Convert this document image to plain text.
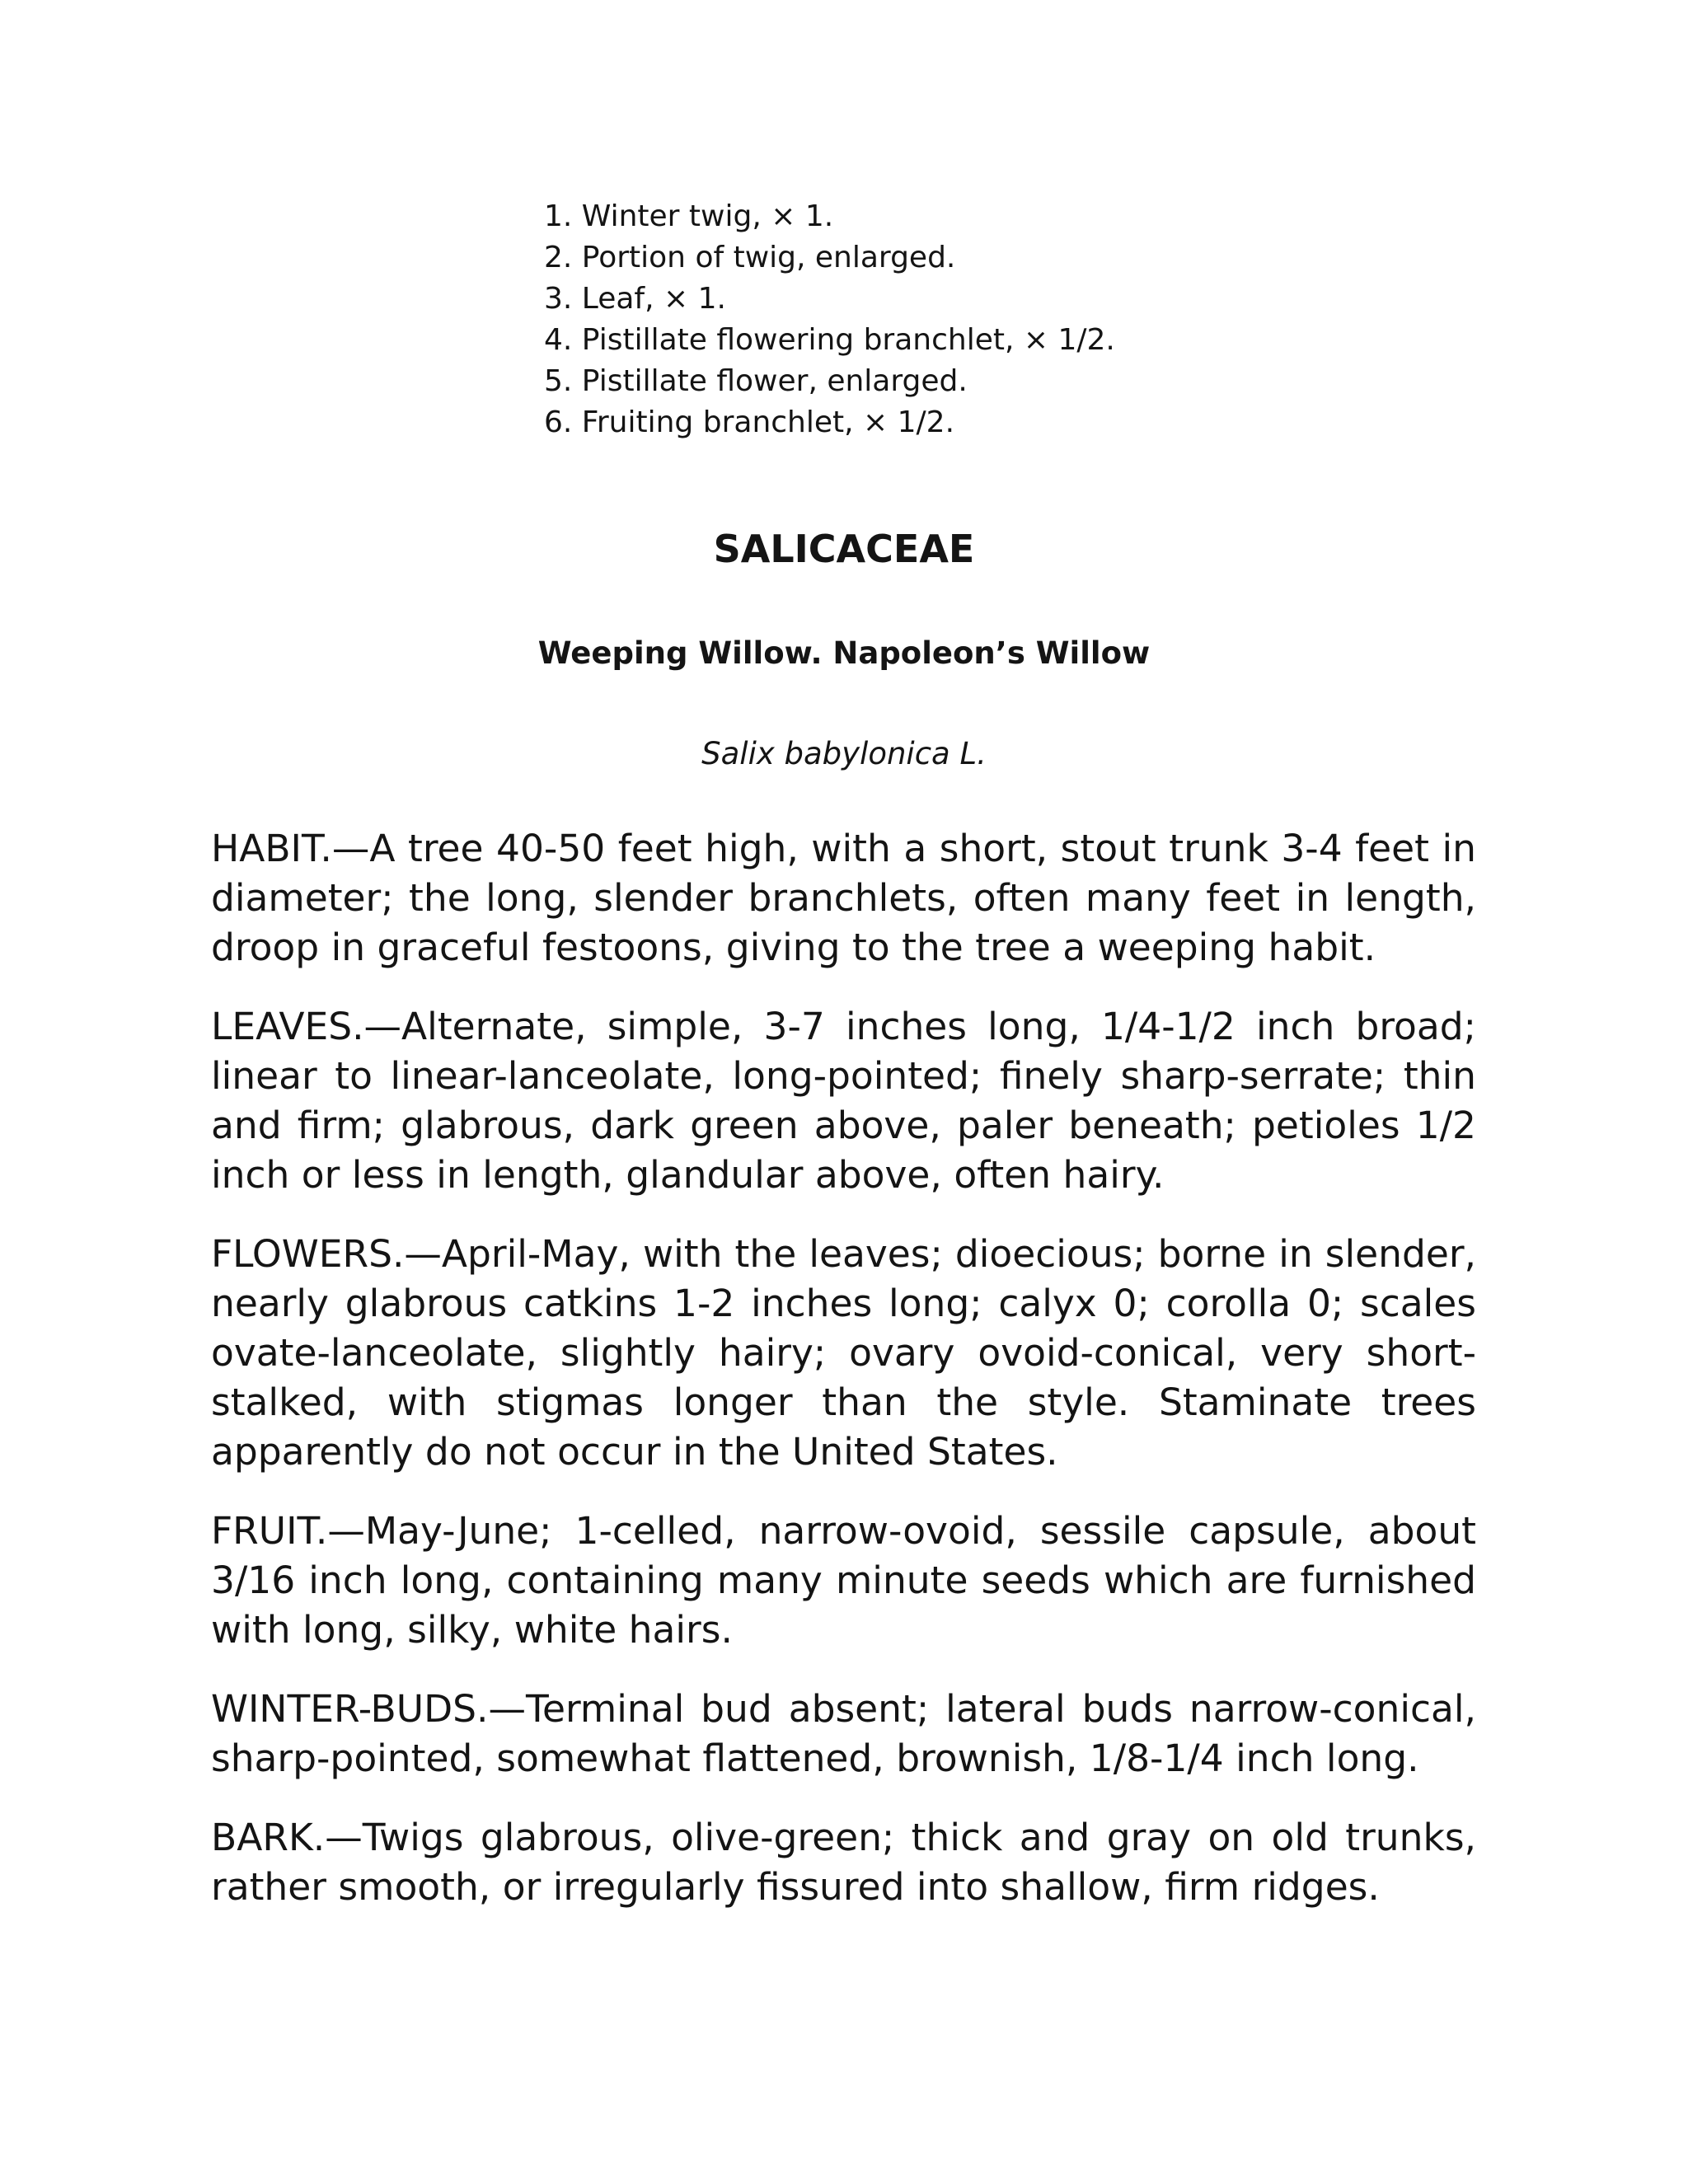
1. Winter twig, × 1.
2. Portion of twig, enlarged.
3. Leaf, × 1.
4. Pistillate flowering branchlet, × 1/2.
5. Pistillate flower, enlarged.
6. Fruiting branchlet, × 1/2.
SALICACEAE
Weeping Willow. Napoleon’s Willow

Salix babylonica L.

HABIT.—A tree 40-50 feet high, with a short, stout trunk 3-4 feet in diameter; the long, slender branchlets, often many feet in length, droop in graceful festoons, giving to the tree a weeping habit.

LEAVES.—Alternate, simple, 3-7 inches long, 1/4-1/2 inch broad; linear to linear-lanceolate, long-pointed; finely sharp-serrate; thin and firm; glabrous, dark green above, paler beneath; petioles 1/2 inch or less in length, glandular above, often hairy.

FLOWERS.—April-May, with the leaves; dioecious; borne in slender, nearly glabrous catkins 1-2 inches long; calyx 0; corolla 0; scales ovate-lanceolate, slightly hairy; ovary ovoid-conical, very short-stalked, with stigmas longer than the style. Staminate trees apparently do not occur in the United States.

FRUIT.—May-June; 1-celled, narrow-ovoid, sessile capsule, about 3/16 inch long, containing many minute seeds which are furnished with long, silky, white hairs.

WINTER-BUDS.—Terminal bud absent; lateral buds narrow-conical, sharp-pointed, somewhat flattened, brownish, 1/8-1/4 inch long.

BARK.—Twigs glabrous, olive-green; thick and gray on old trunks, rather smooth, or irregularly fissured into shallow, firm ridges.
